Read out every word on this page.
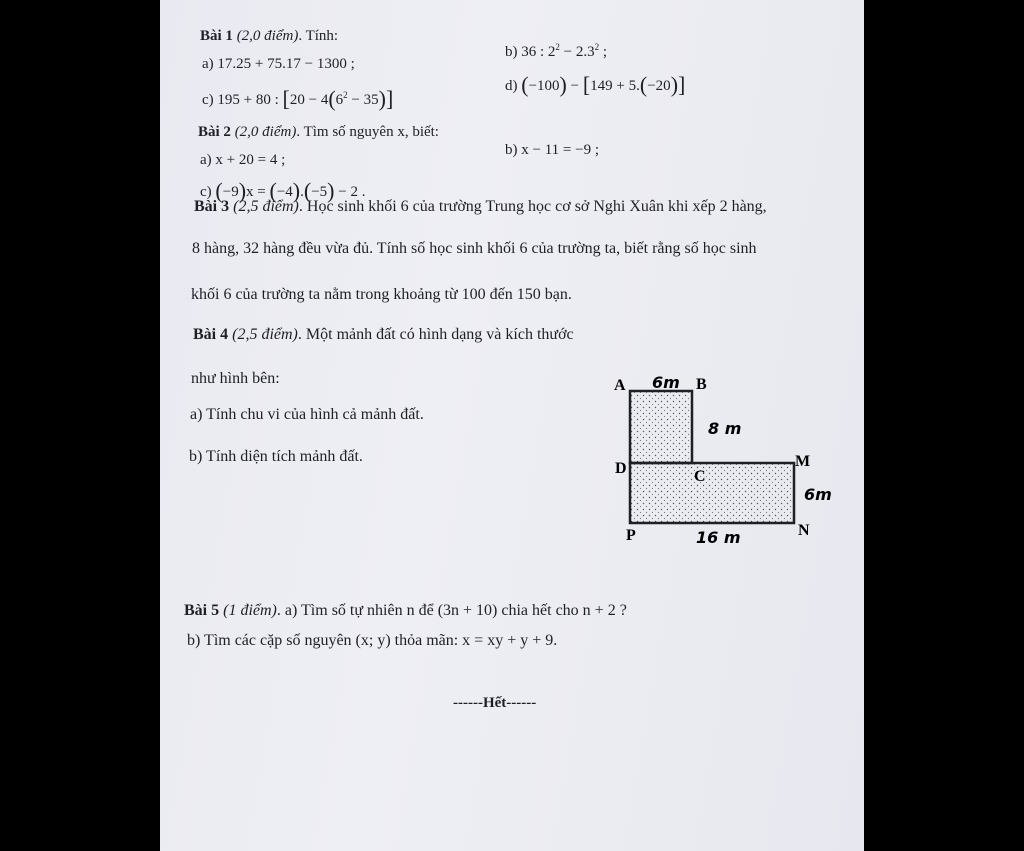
Bài 1 (2,0 điểm). Tính:
a) 17.25 + 75.17 − 1300 ;
b) 36 : $2^2 - 2.3^2$ ;
c) 195 + 80 : $[20 - 4(6^2 - 35)]$	d) (−100) − [149 + 5.(−20)]
Bài 2 (2,0 điểm). Tìm số nguyên x, biết:
a) x + 20 = 4 ;
b) x − 11 = −9 ;
c) (−9)x = (−4).(−5) − 2 .
Bài 3 (2,5 điểm). Học sinh khối 6 của trường Trung học cơ sở Nghi Xuân khi xếp 2 hàng,
8 hàng, 32 hàng đều vừa đủ. Tính số học sinh khối 6 của trường ta, biết rằng số học sinh
khối 6 của trường ta nằm trong khoảng từ 100 đến 150 bạn.
Bài 4 (2,5 điểm). Một mảnh đất có hình dạng và kích thước
như hình bên:
a) Tính chu vi của hình cả mảnh đất.
b) Tính diện tích mảnh đất.
A	B
C
D	M
N
P
6m
8 m
6m
16 m
Bài 5 (1 điểm). a) Tìm số tự nhiên n để (3n + 10) chia hết cho n + 2 ?
b) Tìm các cặp số nguyên (x; y) thỏa mãn: x = xy + y + 9.
------Hết------
